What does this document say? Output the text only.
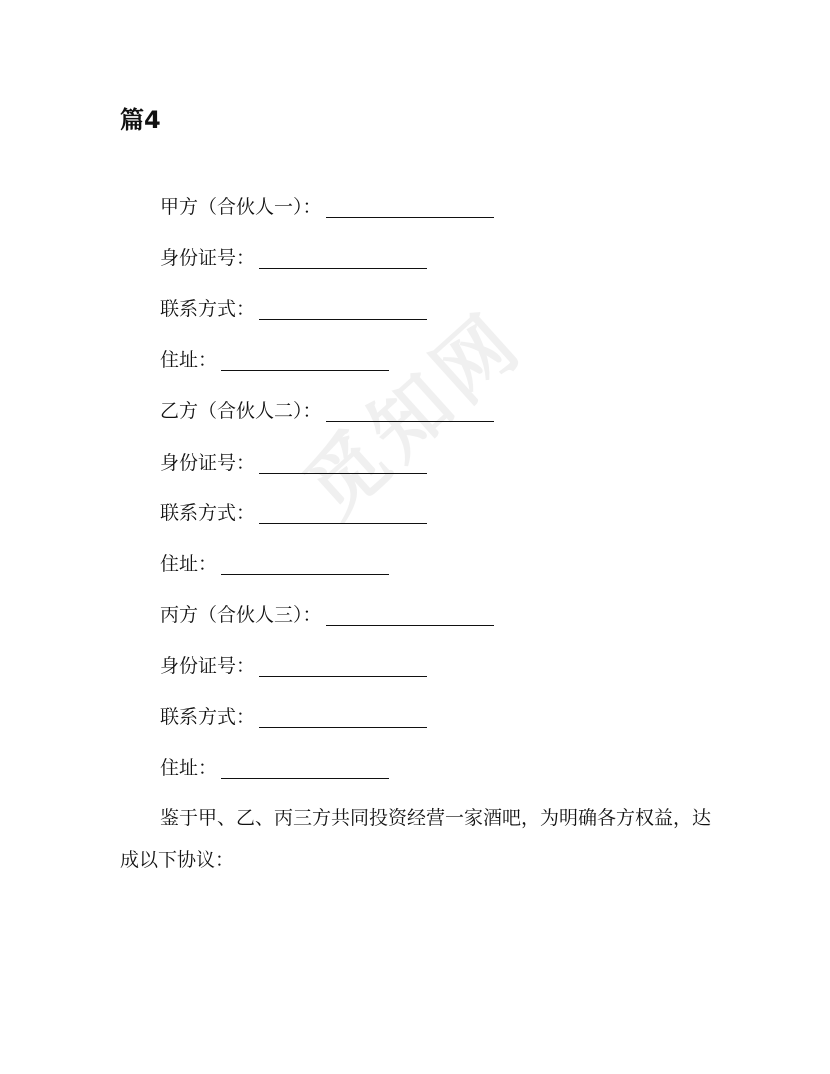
觅知网
篇4
甲方（合伙人一）：
身份证号：
联系方式：
住址：
乙方（合伙人二）：
身份证号：
联系方式：
住址：
丙方（合伙人三）：
身份证号：
联系方式：
住址：
鉴于甲、乙、丙三方共同投资经营一家酒吧，为明确各方权益，达成以下协议：
